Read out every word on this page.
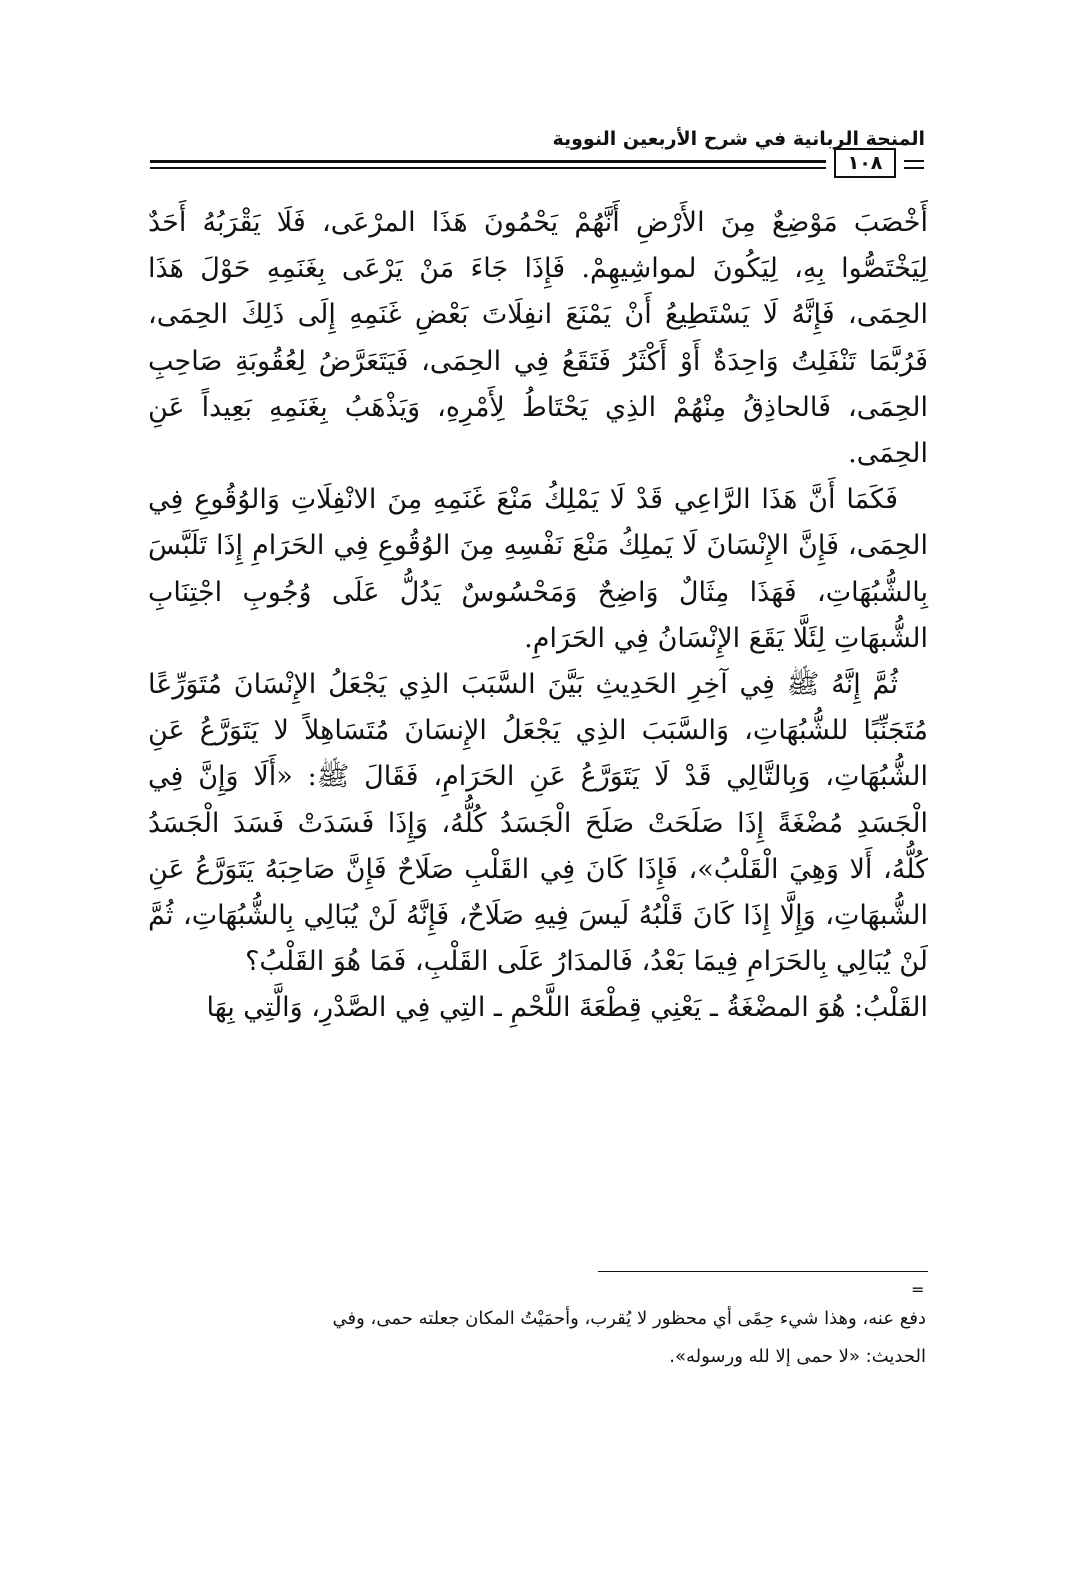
المنحة الربانية في شرح الأربعين النووية
١٠٨

أَخْصَبَ مَوْضِعٌ مِنَ الأَرْضِ أَنَّهُمْ يَحْمُونَ هَذَا المرْعَى، فَلَا يَقْرَبُهُ أَحَدٌ لِيَخْتَصُّوا بِهِ، لِيَكُونَ لمواشِيهِمْ. فَإِذَا جَاءَ مَنْ يَرْعَى بِغَنَمِهِ حَوْلَ هَذَا الحِمَى، فَإِنَّهُ لَا يَسْتَطِيعُ أَنْ يَمْنَعَ انفِلَاتَ بَعْضِ غَنَمِهِ إِلَى ذَلِكَ الحِمَى، فَرُبَّمَا تَنْفَلِتُ وَاحِدَةٌ أَوْ أَكْثَرُ فَتَقَعُ فِي الحِمَى، فَيَتَعَرَّضُ لِعُقُوبَةِ صَاحِبِ الحِمَى، فَالحاذِقُ مِنْهُمْ الذِي يَحْتَاطُ لِأَمْرِهِ، وَيَذْهَبُ بِغَنَمِهِ بَعِيداً عَنِ الحِمَى.

فَكَمَا أَنَّ هَذَا الرَّاعِي قَدْ لَا يَمْلِكُ مَنْعَ غَنَمِهِ مِنَ الانْفِلَاتِ وَالوُقُوعِ فِي الحِمَى، فَإِنَّ الإِنْسَانَ لَا يَملِكُ مَنْعَ نَفْسِهِ مِنَ الوُقُوعِ فِي الحَرَامِ إِذَا تَلَبَّسَ بِالشُّبُهَاتِ، فَهَذَا مِثَالٌ وَاضِحٌ وَمَحْسُوسٌ يَدُلُّ عَلَى وُجُوبِ اجْتِنَابِ الشُّبهَاتِ لِئَلَّا يَقَعَ الإِنْسَانُ فِي الحَرَامِ.

ثُمَّ إِنَّهُ ﷺ فِي آخِرِ الحَدِيثِ بَيَّنَ السَّبَبَ الذِي يَجْعَلُ الإِنْسَانَ مُتَوَرِّعًا مُتَجَنِّبًا للشُّبُهَاتِ، وَالسَّبَبَ الذِي يَجْعَلُ الإِنسَانَ مُتَسَاهِلاً لا يَتَوَرَّعُ عَنِ الشُّبُهَاتِ، وَبِالتَّالِي قَدْ لَا يَتَوَرَّعُ عَنِ الحَرَامِ، فَقَالَ ﷺ: «أَلَا وَإِنَّ فِي الْجَسَدِ مُضْغَةً إِذَا صَلَحَتْ صَلَحَ الْجَسَدُ كُلُّهُ، وَإِذَا فَسَدَتْ فَسَدَ الْجَسَدُ كُلُّهُ، أَلا وَهِيَ الْقَلْبُ»، فَإِذَا كَانَ فِي القَلْبِ صَلَاحٌ فَإِنَّ صَاحِبَهُ يَتَوَرَّعُ عَنِ الشُّبهَاتِ، وَإِلَّا إِذَا كَانَ قَلْبُهُ لَيسَ فِيهِ صَلَاحٌ، فَإِنَّهُ لَنْ يُبَالِي بِالشُّبُهَاتِ، ثُمَّ لَنْ يُبَالِي بِالحَرَامِ فِيمَا بَعْدُ، فَالمدَارُ عَلَى القَلْبِ، فَمَا هُوَ القَلْبُ؟

القَلْبُ: هُوَ المضْغَةُ ـ يَعْنِي قِطْعَةَ اللَّحْمِ ـ التِي فِي الصَّدْرِ، وَالَّتِي بِهَا

=

دفع عنه، وهذا شيء حِمًى أي محظور لا يُقرب، وأحمَيْتُ المكان جعلته حمى، وفي

الحديث: «لا حمى إلا لله ورسوله».
